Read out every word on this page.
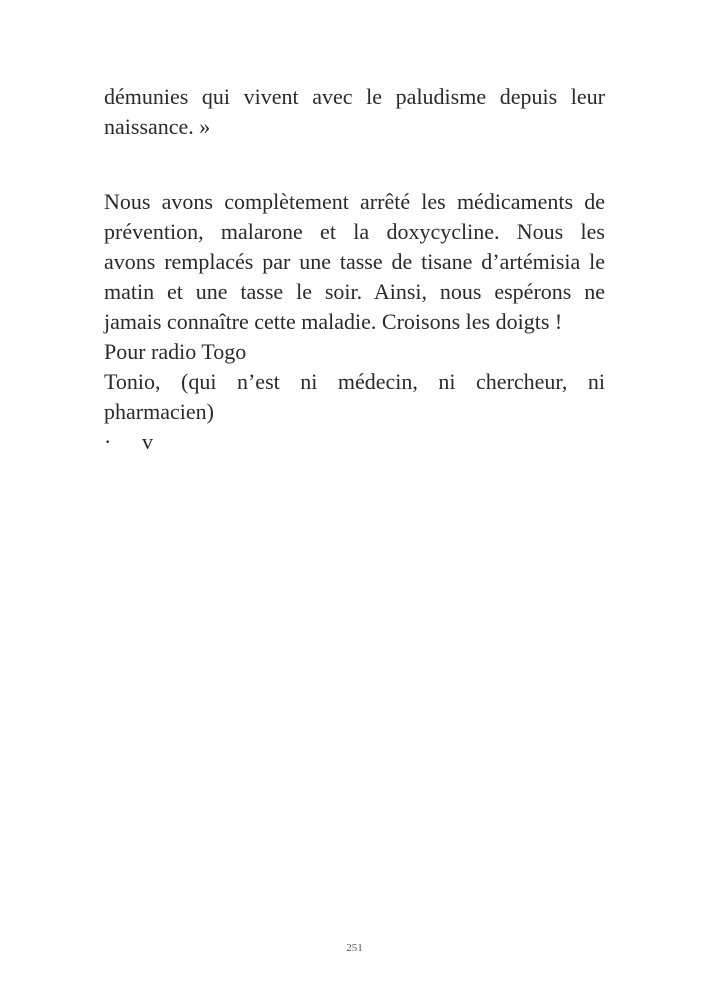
démunies qui vivent avec le paludisme depuis leur
naissance. »
Nous avons complètement arrêté les médicaments de
prévention, malarone et la doxycycline. Nous les
avons remplacés par une tasse de tisane d’artémisia le
matin et une tasse le soir. Ainsi, nous espérons ne
jamais connaître cette maladie. Croisons les doigts !
Pour radio Togo
Tonio, (qui n’est ni médecin, ni chercheur, ni
pharmacien)
· v
251
